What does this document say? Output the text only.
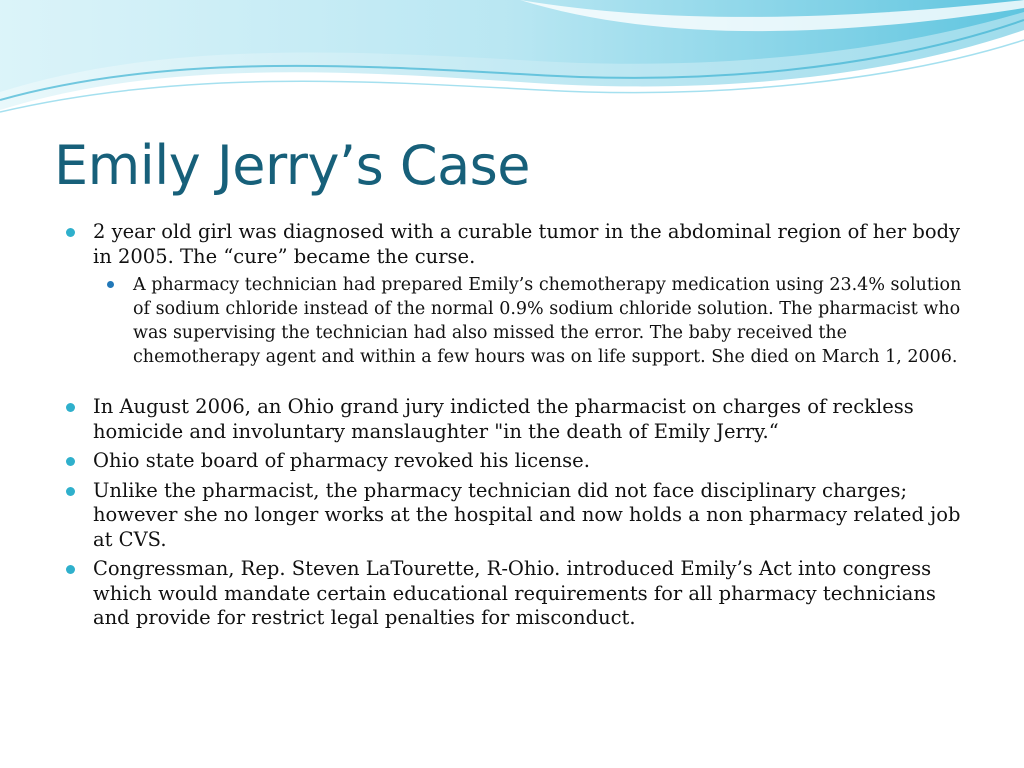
Emily Jerry’s Case
2 year old girl was diagnosed with a curable tumor in the abdominal region of her body in 2005. The “cure” became the curse.
A pharmacy technician had prepared Emily’s chemotherapy medication using 23.4% solution of sodium chloride instead of the normal 0.9% sodium chloride solution. The pharmacist who was supervising the technician had also missed the error. The baby received the chemotherapy agent and within a few hours was on life support. She died on March 1, 2006.
In August 2006, an Ohio grand jury indicted the pharmacist on charges of reckless homicide and involuntary manslaughter "in the death of Emily Jerry.“
Ohio state board of pharmacy revoked his license.
Unlike the pharmacist, the pharmacy technician did not face disciplinary charges; however she no longer works at the hospital and now holds a non pharmacy related job at CVS.
Congressman, Rep. Steven LaTourette, R-Ohio. introduced Emily’s Act into congress which would mandate certain educational requirements for all pharmacy technicians and provide for restrict legal penalties for misconduct.
